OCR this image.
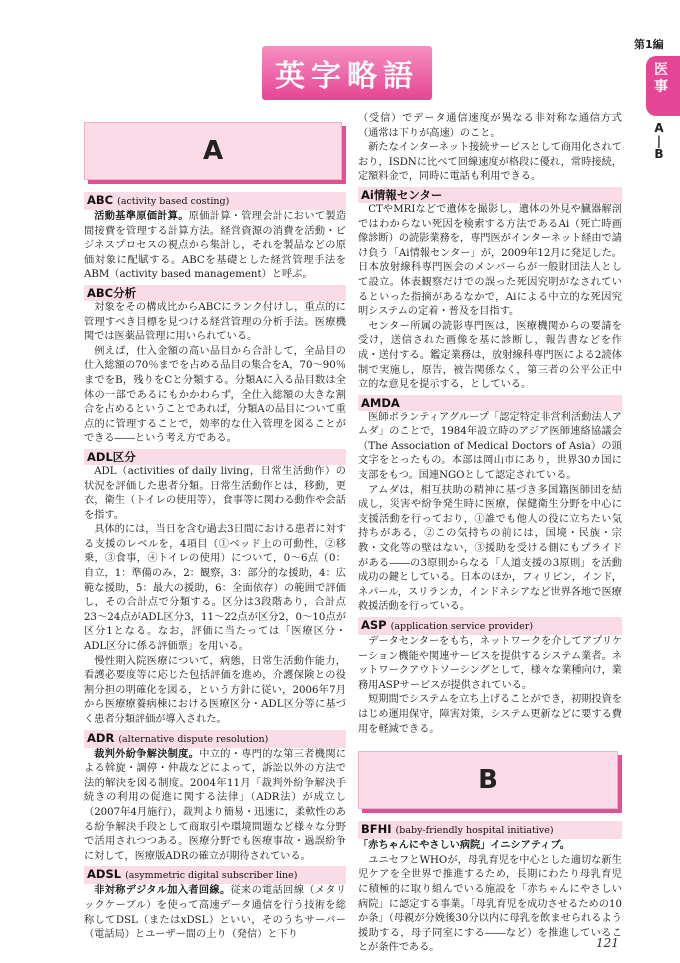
第1編
医事
A
|
B
英字略語
A
ABC (activity based costing)

活動基準原価計算。原価計算・管理会計において製造間接費を管理する計算方法。経営資源の消費を活動・ビジネスプロセスの視点から集計し，それを製品などの原価対象に配賦する。ABCを基礎とした経営管理手法をABM（activity based management）と呼ぶ。

ABC分析

対象をその構成比からABCにランク付けし，重点的に管理すべき目標を見つける経営管理の分析手法。医療機関では医薬品管理に用いられている。

例えば，仕入金額の高い品目から合計して，全品目の仕入総額の70％までを占める品目の集合をA，70〜90％までをB，残りをCと分類する。分類Aに入る品目数は全体の一部であるにもかかわらず，全仕入総額の大きな割合を占めるということであれば，分類Aの品目について重点的に管理することで，効率的な仕入管理を図ることができる――という考え方である。

ADL区分

ADL（activities of daily living，日常生活動作）の状況を評価した患者分類。日常生活動作とは，移動，更衣，衛生（トイレの使用等），食事等に関わる動作や会話を指す。

具体的には，当日を含む過去3日間における患者に対する支援のレベルを，4項目（①ベッド上の可動性，②移乗，③食事，④トイレの使用）について，0〜6点（0：自立，1：準備のみ，2：観察，3：部分的な援助，4：広範な援助，5：最大の援助，6：全面依存）の範囲で評価し，その合計点で分類する。区分は3段階あり，合計点23〜24点がADL区分3，11〜22点が区分2，0〜10点が区分1となる。なお，評価に当たっては「医療区分・ADL区分に係る評価票」を用いる。

慢性期入院医療について，病態，日常生活動作能力，看護必要度等に応じた包括評価を進め，介護保険との役割分担の明確化を図る，という方針に従い，2006年7月から医療療養病棟における医療区分・ADL区分等に基づく患者分類評価が導入された。

ADR (alternative dispute resolution)

裁判外紛争解決制度。中立的・専門的な第三者機関による斡旋・調停・仲裁などによって，訴訟以外の方法で法的解決を図る制度。2004年11月「裁判外紛争解決手続きの利用の促進に関する法律」（ADR法）が成立し（2007年4月施行），裁判より簡易・迅速に，柔軟性のある紛争解決手段として商取引や環境問題など様々な分野で活用されつつある。医療分野でも医療事故・過誤紛争に対して，医療版ADRの確立が期待されている。

ADSL (asymmetric digital subscriber line)

非対称デジタル加入者回線。従来の電話回線（メタリックケーブル）を使って高速データ通信を行う技術を総称してDSL（またはxDSL）といい，そのうちサーバー（電話局）とユーザー間の上り（発信）と下り

（受信）でデータ通信速度が異なる非対称な通信方式（通常は下りが高速）のこと。

新たなインターネット接続サービスとして商用化されており，ISDNに比べて回線速度が格段に優れ，常時接続，定額料金で，同時に電話も利用できる。

Ai情報センター

CTやMRIなどで遺体を撮影し，遺体の外見や臓器解剖ではわからない死因を検索する方法であるAi（死亡時画像診断）の読影業務を，専門医がインターネット経由で請け負う「Ai情報センター」が，2009年12月に発足した。日本放射線科専門医会のメンバーらが一般財団法人として設立。体表観察だけでの誤った死因究明がなされているといった指摘があるなかで，Aiによる中立的な死因究明システムの定着・普及を目指す。

センター所属の読影専門医は，医療機関からの要請を受け，送信された画像を基に診断し，報告書などを作成・送付する。鑑定業務は，放射線科専門医による2読体制で実施し，原告，被告関係なく，第三者の公平公正中立的な意見を提示する，としている。

AMDA

医師ボランティアグループ「認定特定非営利活動法人アムダ」のことで，1984年設立時のアジア医師連絡協議会（The Association of Medical Doctors of Asia）の頭文字をとったもの。本部は岡山市にあり，世界30カ国に支部をもつ。国連NGOとして認定されている。

アムダは，相互扶助の精神に基づき多国籍医師団を結成し，災害や紛争発生時に医療，保健衛生分野を中心に支援活動を行っており，①誰でも他人の役に立ちたい気持ちがある，②この気持ちの前には，国境・民族・宗教・文化等の壁はない，③援助を受ける側にもプライドがある――の3原則からなる「人道支援の3原則」を活動成功の鍵としている。日本のほか，フィリピン，インド，ネパール，スリランカ，インドネシアなど世界各地で医療救援活動を行っている。

ASP (application service provider)

データセンターをもち，ネットワークを介してアプリケーション機能や関連サービスを提供するシステム業者。ネットワークアウトソーシングとして，様々な業種向け，業務用ASPサービスが提供されている。

短期間でシステムを立ち上げることができ，初期投資をはじめ運用保守，障害対策，システム更新などに要する費用を軽減できる。

B
BFHI (baby-friendly hospital initiative)

「赤ちゃんにやさしい病院」イニシアティブ。

ユニセフとWHOが，母乳育児を中心とした適切な新生児ケアを全世界で推進するため，長期にわたり母乳育児に積極的に取り組んでいる施設を「赤ちゃんにやさしい病院」に認定する事業。「母乳育児を成功させるための10か条」（母親が分娩後30分以内に母乳を飲ませられるよう援助する，母子同室にする――など）を推進していることが条件である。	121
